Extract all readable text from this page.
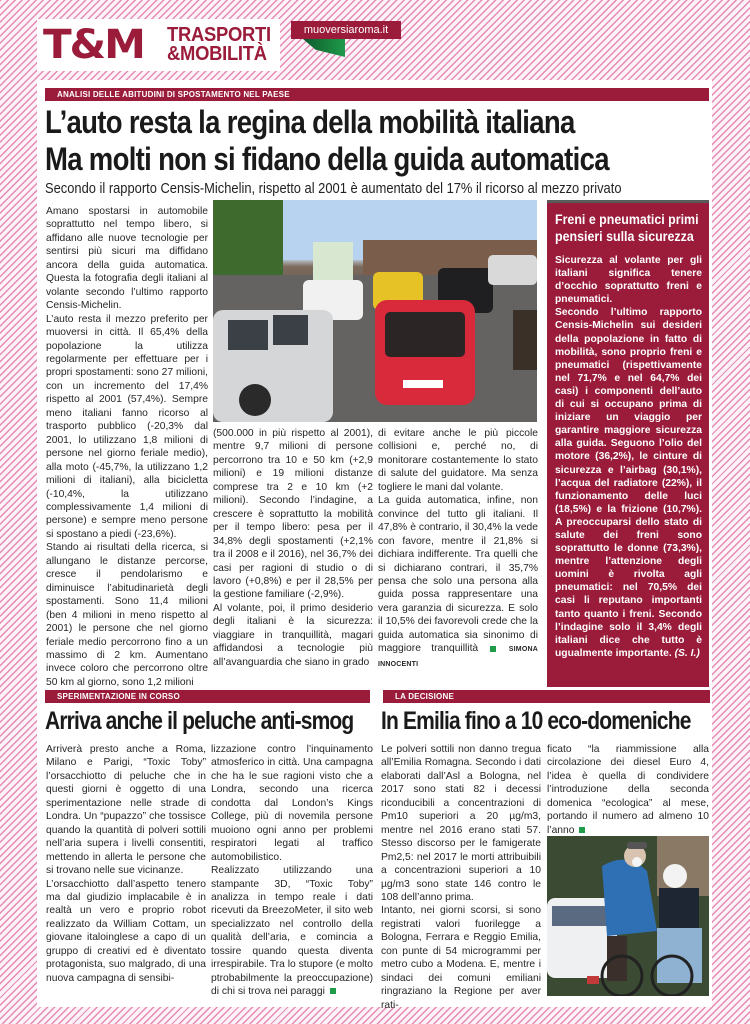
T&M	TRASPORTI
&MOBILITÀ
muoversiaroma.it
ANALISI DELLE ABITUDINI DI SPOSTAMENTO NEL PAESE
L’auto resta la regina della mobilità italiana
Ma molti non si fidano della guida automatica
Secondo il rapporto Censis-Michelin, rispetto al 2001 è aumentato del 17% il ricorso al mezzo privato

Amano spostarsi in automobile soprattutto nel tempo libero, si affidano alle nuove tecnologie per sentirsi più sicuri ma diffidano ancora della guida automatica. Questa la fotografia degli italiani al volante secondo l’ultimo rapporto Censis-Michelin.

L’auto resta il mezzo preferito per muoversi in città. Il 65,4% della popolazione la utilizza regolarmente per effettuare per i propri spostamenti: sono 27 milioni, con un incremento del 17,4% rispetto al 2001 (57,4%). Sempre meno italiani fanno ricorso al trasporto pubblico (-20,3% dal 2001, lo utilizzano 1,8 milioni di persone nel giorno feriale medio), alla moto (-45,7%, la utilizzano 1,2 milioni di italiani), alla bicicletta (-10,4%, la utilizzano complessivamente 1,4 milioni di persone) e sempre meno persone si spostano a piedi (-23,6%).

Stando ai risultati della ricerca, si allungano le distanze percorse, cresce il pendolarismo e diminuisce l’abitudinarietà degli spostamenti. Sono 11,4 milioni (ben 4 milioni in meno rispetto al 2001) le persone che nel giorno feriale medio percorrono fino a un massimo di 2 km. Aumentano invece coloro che percorrono oltre 50 km al giorno, sono 1,2 milioni

(500.000 in più rispetto al 2001), mentre 9,7 milioni di persone percorrono tra 10 e 50 km (+2,9 milioni) e 19 milioni distanze comprese tra 2 e 10 km (+2 milioni). Secondo l’indagine, a crescere è soprattutto la mobilità per il tempo libero: pesa per il 34,8% degli spostamenti (+2,1% tra il 2008 e il 2016), nel 36,7% dei casi per ragioni di studio o di lavoro (+0,8%) e per il 28,5% per la gestione familiare (-2,9%).

Al volante, poi, il primo desiderio degli italiani è la sicurezza: viaggiare in tranquillità, magari affidandosi a tecnologie più all’avanguardia che siano in grado

di evitare anche le più piccole collisioni e, perché no, di monitorare costantemente lo stato di salute del guidatore. Ma senza togliere le mani dal volante.

La guida automatica, infine, non convince del tutto gli italiani. Il 47,8% è contrario, il 30,4% la vede con favore, mentre il 21,8% si dichiara indifferente. Tra quelli che si dichiarano contrari, il 35,7% pensa che solo una persona alla guida possa rappresentare una vera garanzia di sicurezza. E solo il 10,5% dei favorevoli crede che la guida automatica sia sinonimo di maggiore tranquillità	SIMONA INNOCENTI

Freni e pneumatici primi pensieri sulla sicurezza

Sicurezza al volante per gli italiani significa tenere d’occhio soprattutto freni e pneumatici.

Secondo l’ultimo rapporto Censis-Michelin sui desideri della popolazione in fatto di mobilità, sono proprio freni e pneumatici (rispettivamente nel 71,7% e nel 64,7% dei casi) i componenti dell’auto di cui si occupano prima di iniziare un viaggio per garantire maggiore sicurezza alla guida. Seguono l’olio del motore (36,2%), le cinture di sicurezza e l’airbag (30,1%), l’acqua del radiatore (22%), il funzionamento delle luci (18,5%) e la frizione (10,7%). A preoccuparsi dello stato di salute dei freni sono soprattutto le donne (73,3%), mentre l’attenzione degli uomini è rivolta agli pneumatici: nel 70,5% dei casi li reputano importanti tanto quanto i freni. Secondo l’indagine solo il 3,4% degli italiani dice che tutto è ugualmente importante. (S. I.)

SPERIMENTAZIONE IN CORSO
Arriva anche il peluche anti-smog

Arriverà presto anche a Roma, Milano e Parigi, “Toxic Toby” l’orsacchiotto di peluche che in questi giorni è oggetto di una sperimentazione nelle strade di Londra. Un “pupazzo” che tossisce quando la quantità di polveri sottili nell’aria supera i livelli consentiti, mettendo in allerta le persone che si trovano nelle sue vicinanze.

L’orsacchiotto dall’aspetto tenero ma dal giudizio implacabile è in realtà un vero e proprio robot realizzato da William Cottam, un giovane italoinglese a capo di un gruppo di creativi ed è diventato protagonista, suo malgrado, di una nuova campagna di sensibi-

lizzazione contro l’inquinamento atmosferico in città. Una campagna che ha le sue ragioni visto che a Londra, secondo una ricerca condotta dal London’s Kings College, più di novemila persone muoiono ogni anno per problemi respiratori legati al traffico automobilistico.

Realizzato utilizzando una stampante 3D, “Toxic Toby” analizza in tempo reale i dati ricevuti da BreezoMeter, il sito web specializzato nel controllo della qualità dell’aria, e comincia a tossire quando questa diventa irrespirabile. Tra lo stupore (e molto ptrobabilmente la preoccupazione) di chi si trova nei paraggi

LA DECISIONE
In Emilia fino a 10 eco-domeniche

Le polveri sottili non danno tregua all’Emilia Romagna. Secondo i dati elaborati dall’Asl a Bologna, nel 2017 sono stati 82 i decessi riconducibili a concentrazioni di Pm10 superiori a 20 µg/m3, mentre nel 2016 erano stati 57. Stesso discorso per le famigerate Pm2,5: nel 2017 le morti attribuibili a concentrazioni superiori a 10 µg/m3 sono state 146 contro le 108 dell’anno prima.

Intanto, nei giorni scorsi, si sono registrati valori fuorilegge a Bologna, Ferrara e Reggio Emilia, con punte di 54 microgrammi per metro cubo a Modena. E, mentre i sindaci dei comuni emiliani ringraziano la Regione per aver rati-

ficato “la riammissione alla circolazione dei diesel Euro 4, l’idea è quella di condividere l’introduzione della seconda domenica “ecologica” al mese, portando il numero ad almeno 10 l’anno
